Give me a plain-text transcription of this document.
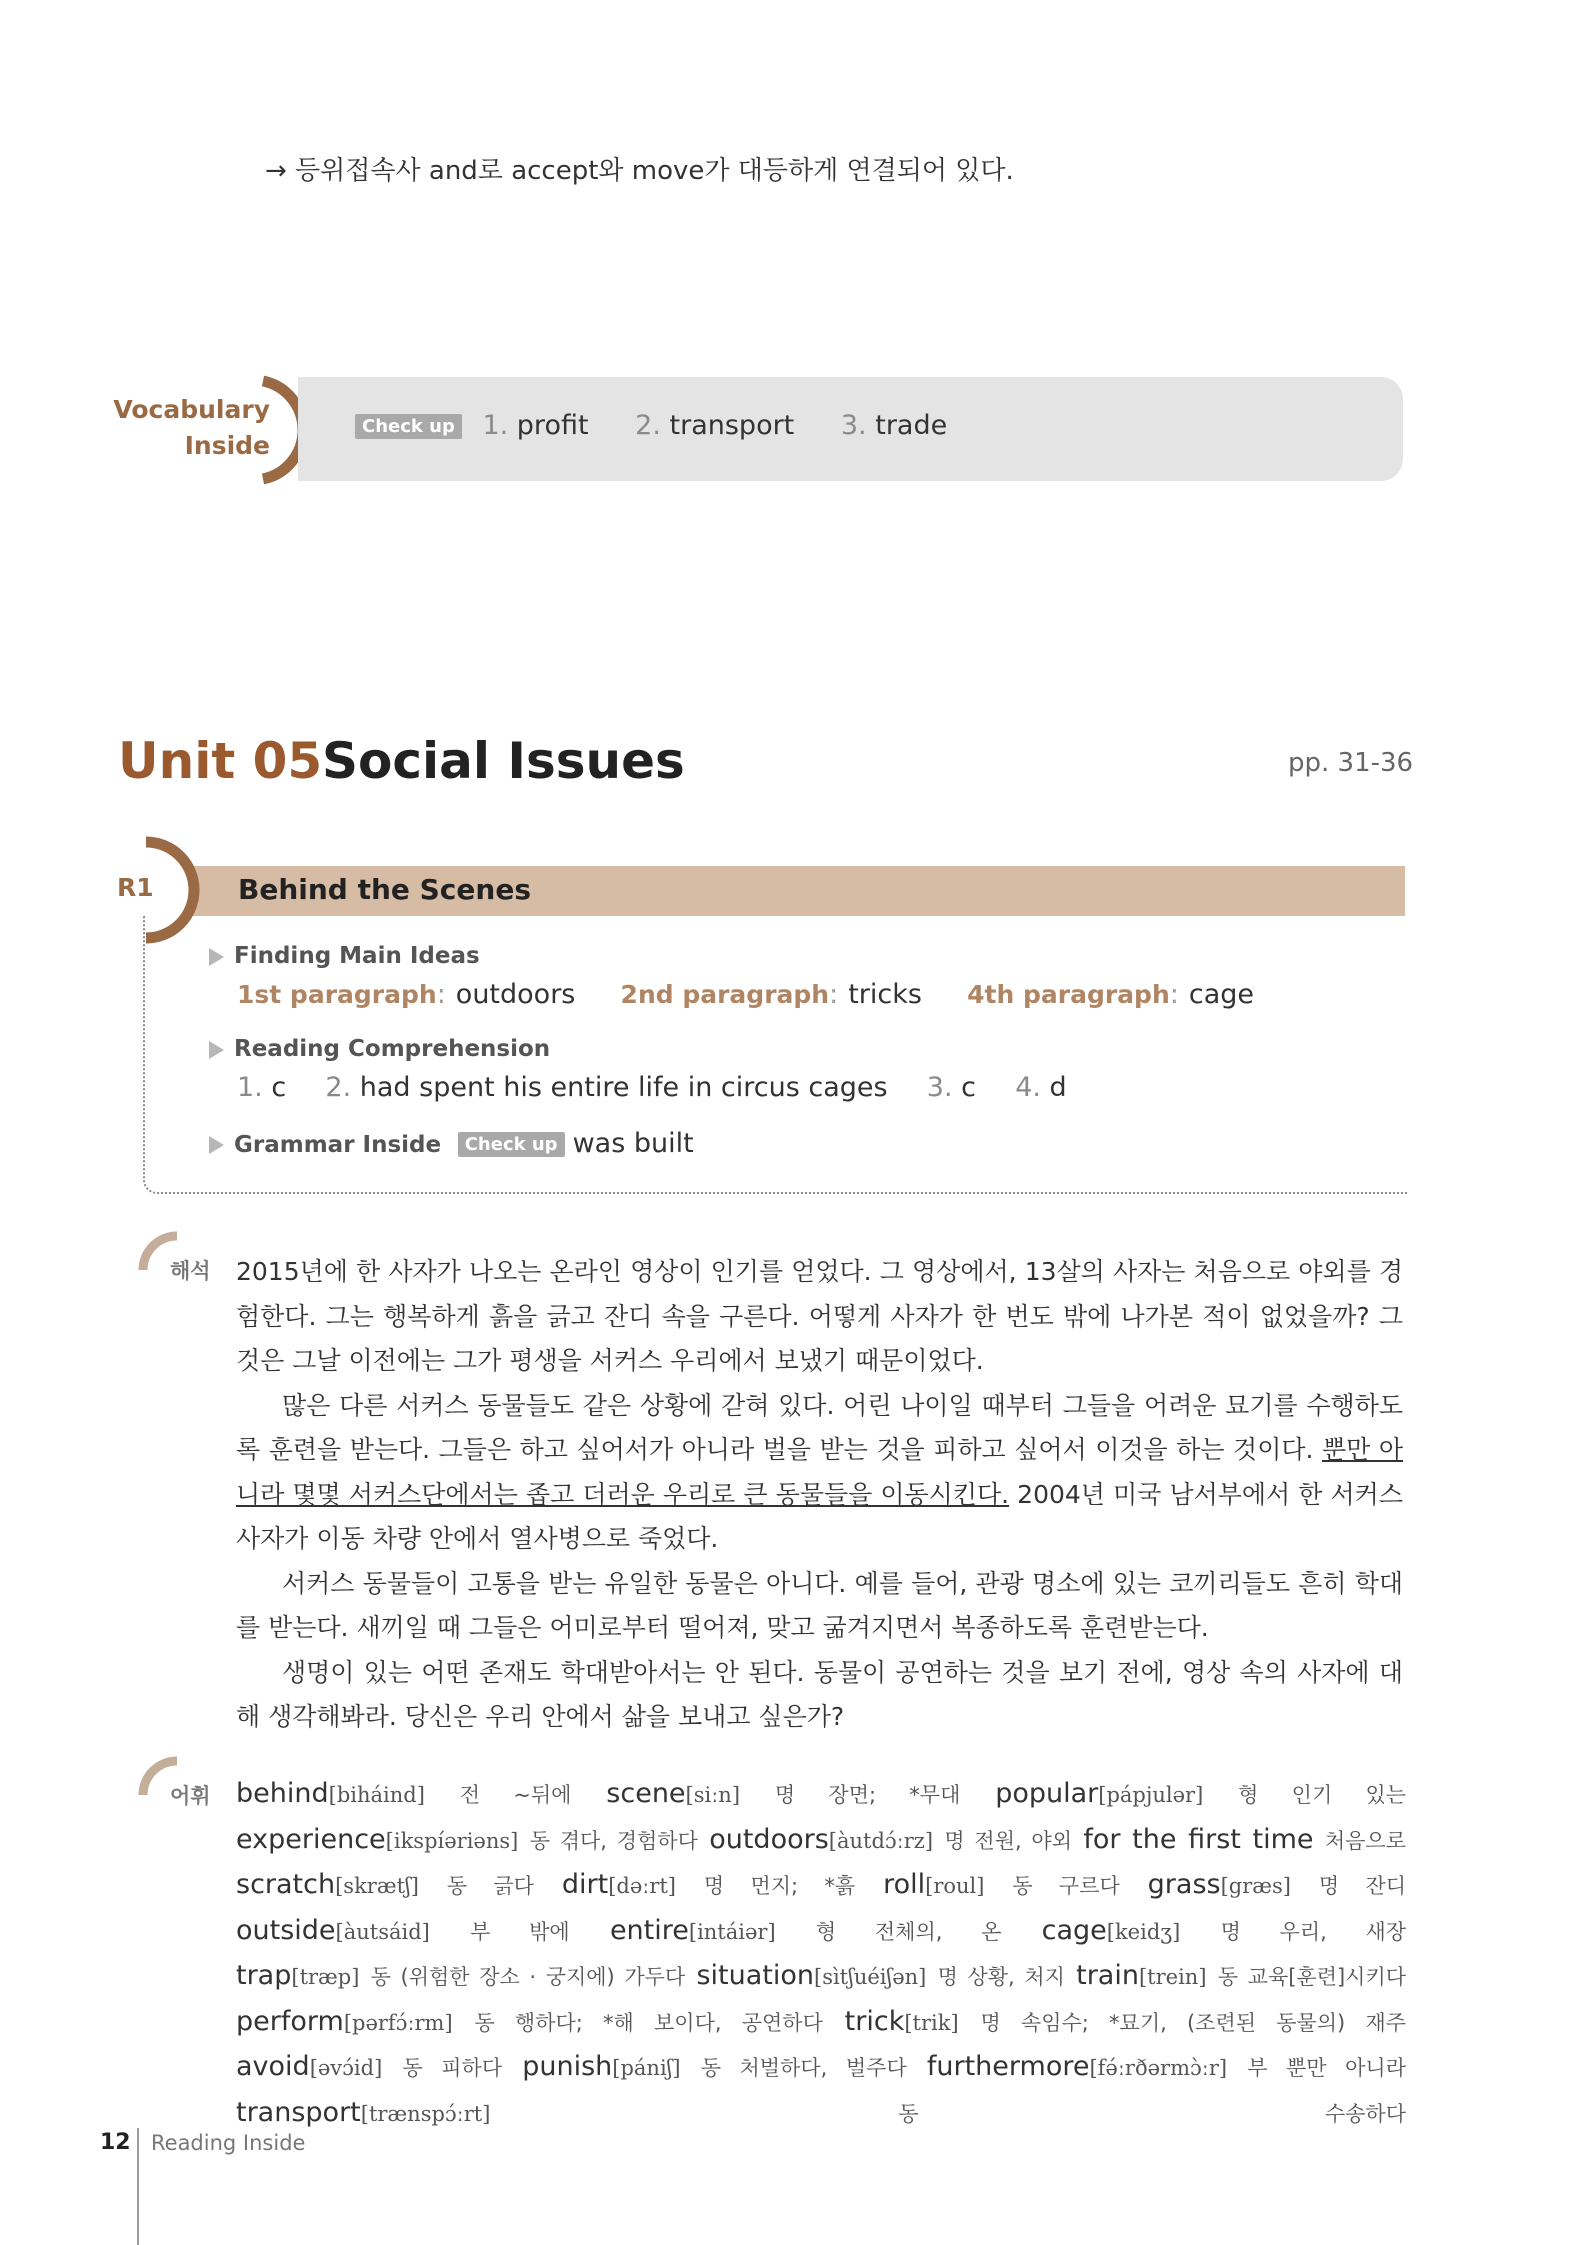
→ 등위접속사 and로 accept와 move가 대등하게 연결되어 있다.
Vocabulary
Inside
Check up 1. profit 2. transport 3. trade
Unit 05 Social Issues	pp. 31-36
R1	Behind the Scenes
Finding Main Ideas
1st paragraph: outdoors 2nd paragraph: tricks 4th paragraph: cage
Reading Comprehension
1. c 2. had spent his entire life in circus cages 3. c 4. d
Grammar Inside Check up was built
해석 2015년에 한 사자가 나오는 온라인 영상이 인기를 얻었다. 그 영상에서, 13살의 사자는 처음으로 야외를 경험한다. 그는 행복하게 흙을 긁고 잔디 속을 구른다. 어떻게 사자가 한 번도 밖에 나가본 적이 없었을까? 그것은 그날 이전에는 그가 평생을 서커스 우리에서 보냈기 때문이었다.

많은 다른 서커스 동물들도 같은 상황에 갇혀 있다. 어린 나이일 때부터 그들을 어려운 묘기를 수행하도록 훈련을 받는다. 그들은 하고 싶어서가 아니라 벌을 받는 것을 피하고 싶어서 이것을 하는 것이다. 뿐만 아니라 몇몇 서커스단에서는 좁고 더러운 우리로 큰 동물들을 이동시킨다. 2004년 미국 남서부에서 한 서커스 사자가 이동 차량 안에서 열사병으로 죽었다.

서커스 동물들이 고통을 받는 유일한 동물은 아니다. 예를 들어, 관광 명소에 있는 코끼리들도 흔히 학대를 받는다. 새끼일 때 그들은 어미로부터 떨어져, 맞고 굶겨지면서 복종하도록 훈련받는다.

생명이 있는 어떤 존재도 학대받아서는 안 된다. 동물이 공연하는 것을 보기 전에, 영상 속의 사자에 대해 생각해봐라. 당신은 우리 안에서 삶을 보내고 싶은가?

어휘 behind[biháind] 전 ~뒤에 scene[siːn] 명 장면; *무대 popular[pápjulər] 형 인기 있는 experience[ikspíəriəns] 동 겪다, 경험하다 outdoors[àutdɔ́ːrz] 명 전원, 야외 for the first time 처음으로 scratch[skrætʃ] 동 긁다 dirt[dəːrt] 명 먼지; *흙 roll[roul] 동 구르다 grass[græs] 명 잔디 outside[àutsáid] 부 밖에 entire[intáiər] 형 전체의, 온 cage[keidʒ] 명 우리, 새장 trap[træp] 동 (위험한 장소 · 궁지에) 가두다 situation[sìtʃuéiʃən] 명 상황, 처지 train[trein] 동 교육[훈련]시키다 perform[pərfɔ́ːrm] 동 행하다; *해 보이다, 공연하다 trick[trik] 명 속임수; *묘기, (조련된 동물의) 재주 avoid[əvɔ́id] 동 피하다 punish[pániʃ] 동 처벌하다, 벌주다 furthermore[fə́ːrðərmɔ̀ːr] 부 뿐만 아니라 transport[trænspɔ́ːrt]	동 수송하다
12 Reading Inside
